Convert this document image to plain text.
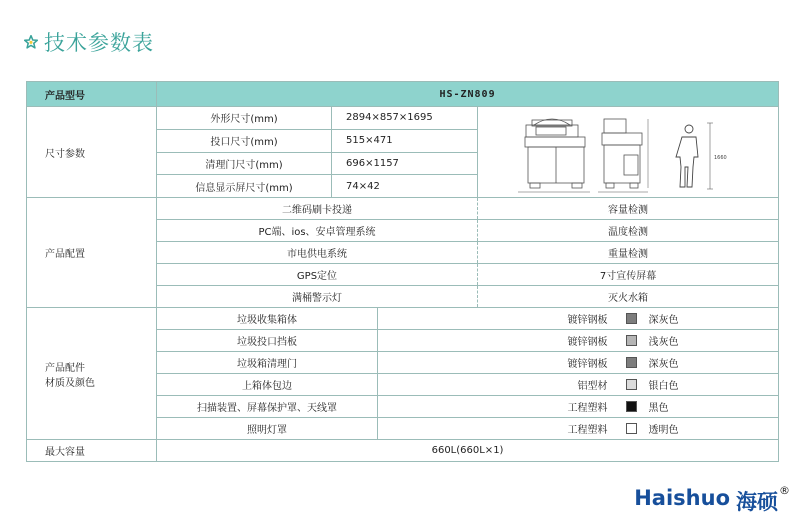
技术参数表
产品型号	HS-ZN809				
尺寸参数	外形尺寸(mm)	2894×857×1695		1660	

	投口尺寸(mm)	515×471			
	清理门尺寸(mm)	696×1157			
	信息显示屏尺寸(mm)	74×42			
产品配置	二维码刷卡投递			容量检测	
	PC端、ios、安卓管理系统			温度检测	
	市电供电系统			重量检测	
	GPS定位			7寸宣传屏幕	
	满桶警示灯			灭火水箱	

产品配件
材质及颜色	垃圾收集箱体		镀锌钢板		深灰色
	垃圾投口挡板		镀锌钢板		浅灰色
	垃圾箱清理门		镀锌钢板		深灰色
	上箱体包边		铝型材		银白色
	扫描装置、屏幕保护罩、天线罩		工程塑料		黑色
	照明灯罩		工程塑料		透明色
最大容量	660L(660L×1)				
Haishuo 海硕 ®
